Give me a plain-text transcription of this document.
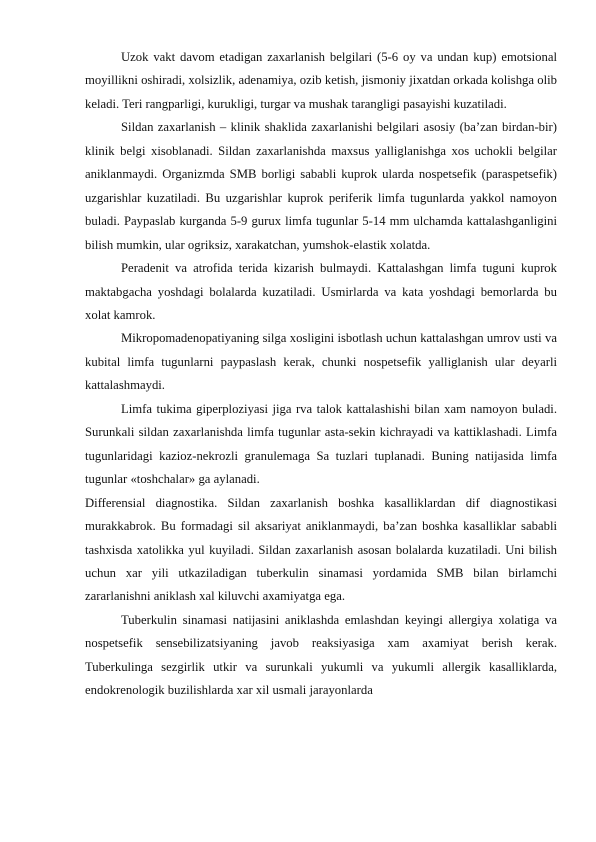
Uzok vakt davom etadigan zaxarlanish belgilari (5-6 oy va undan kup) emotsional moyillikni oshiradi, xolsizlik, adenamiya, ozib ketish, jismoniy jixatdan orkada kolishga olib keladi. Teri rangparligi, kurukligi, turgar va mushak tarangligi pasayishi kuzatiladi.

Sildan zaxarlanish – klinik shaklida zaxarlanishi belgilari asosiy (ba’zan birdan-bir) klinik belgi xisoblanadi. Sildan zaxarlanishda maxsus yalliglanishga xos uchokli belgilar aniklanmaydi. Organizmda SMB borligi sababli kuprok ularda nospetsefik (paraspetsefik) uzgarishlar kuzatiladi. Bu uzgarishlar kuprok periferik limfa tugunlarda yakkol namoyon buladi. Paypaslab kurganda 5-9 gurux limfa tugunlar 5-14 mm ulchamda kattalashganligini bilish mumkin, ular ogriksiz, xarakatchan, yumshok-elastik xolatda.

Peradenit va atrofida terida kizarish bulmaydi. Kattalashgan limfa tuguni kuprok maktabgacha yoshdagi bolalarda kuzatiladi. Usmirlarda va kata yoshdagi bemorlarda bu xolat kamrok.

Mikropomadenopatiyaning silga xosligini isbotlash uchun kattalashgan umrov usti va kubital limfa tugunlarni paypaslash kerak, chunki nospetsefik yalliglanish ular deyarli kattalashmaydi.

Limfa tukima giperploziyasi jiga rva talok kattalashishi bilan xam namoyon buladi. Surunkali sildan zaxarlanishda limfa tugunlar asta-sekin kichrayadi va kattiklashadi. Limfa tugunlaridagi kazioz-nekrozli granulemaga Sa tuzlari tuplanadi. Buning natijasida limfa tugunlar «toshchalar» ga aylanadi.

Differensial diagnostika. Sildan zaxarlanish boshka kasalliklardan dif diagnostikasi murakkabrok. Bu formadagi sil aksariyat aniklanmaydi, ba’zan boshka kasalliklar sababli tashxisda xatolikka yul kuyiladi. Sildan zaxarlanish asosan bolalarda kuzatiladi. Uni bilish uchun xar yili utkaziladigan tuberkulin sinamasi yordamida SMB bilan birlamchi zararlanishni aniklash xal kiluvchi axamiyatga ega.

Tuberkulin sinamasi natijasini aniklashda emlashdan keyingi allergiya xolatiga va nospetsefik sensebilizatsiyaning javob reaksiyasiga xam axamiyat berish kerak. Tuberkulinga sezgirlik utkir va surunkali yukumli va yukumli allergik kasalliklarda, endokrenologik buzilishlarda xar xil usmali jarayonlarda
